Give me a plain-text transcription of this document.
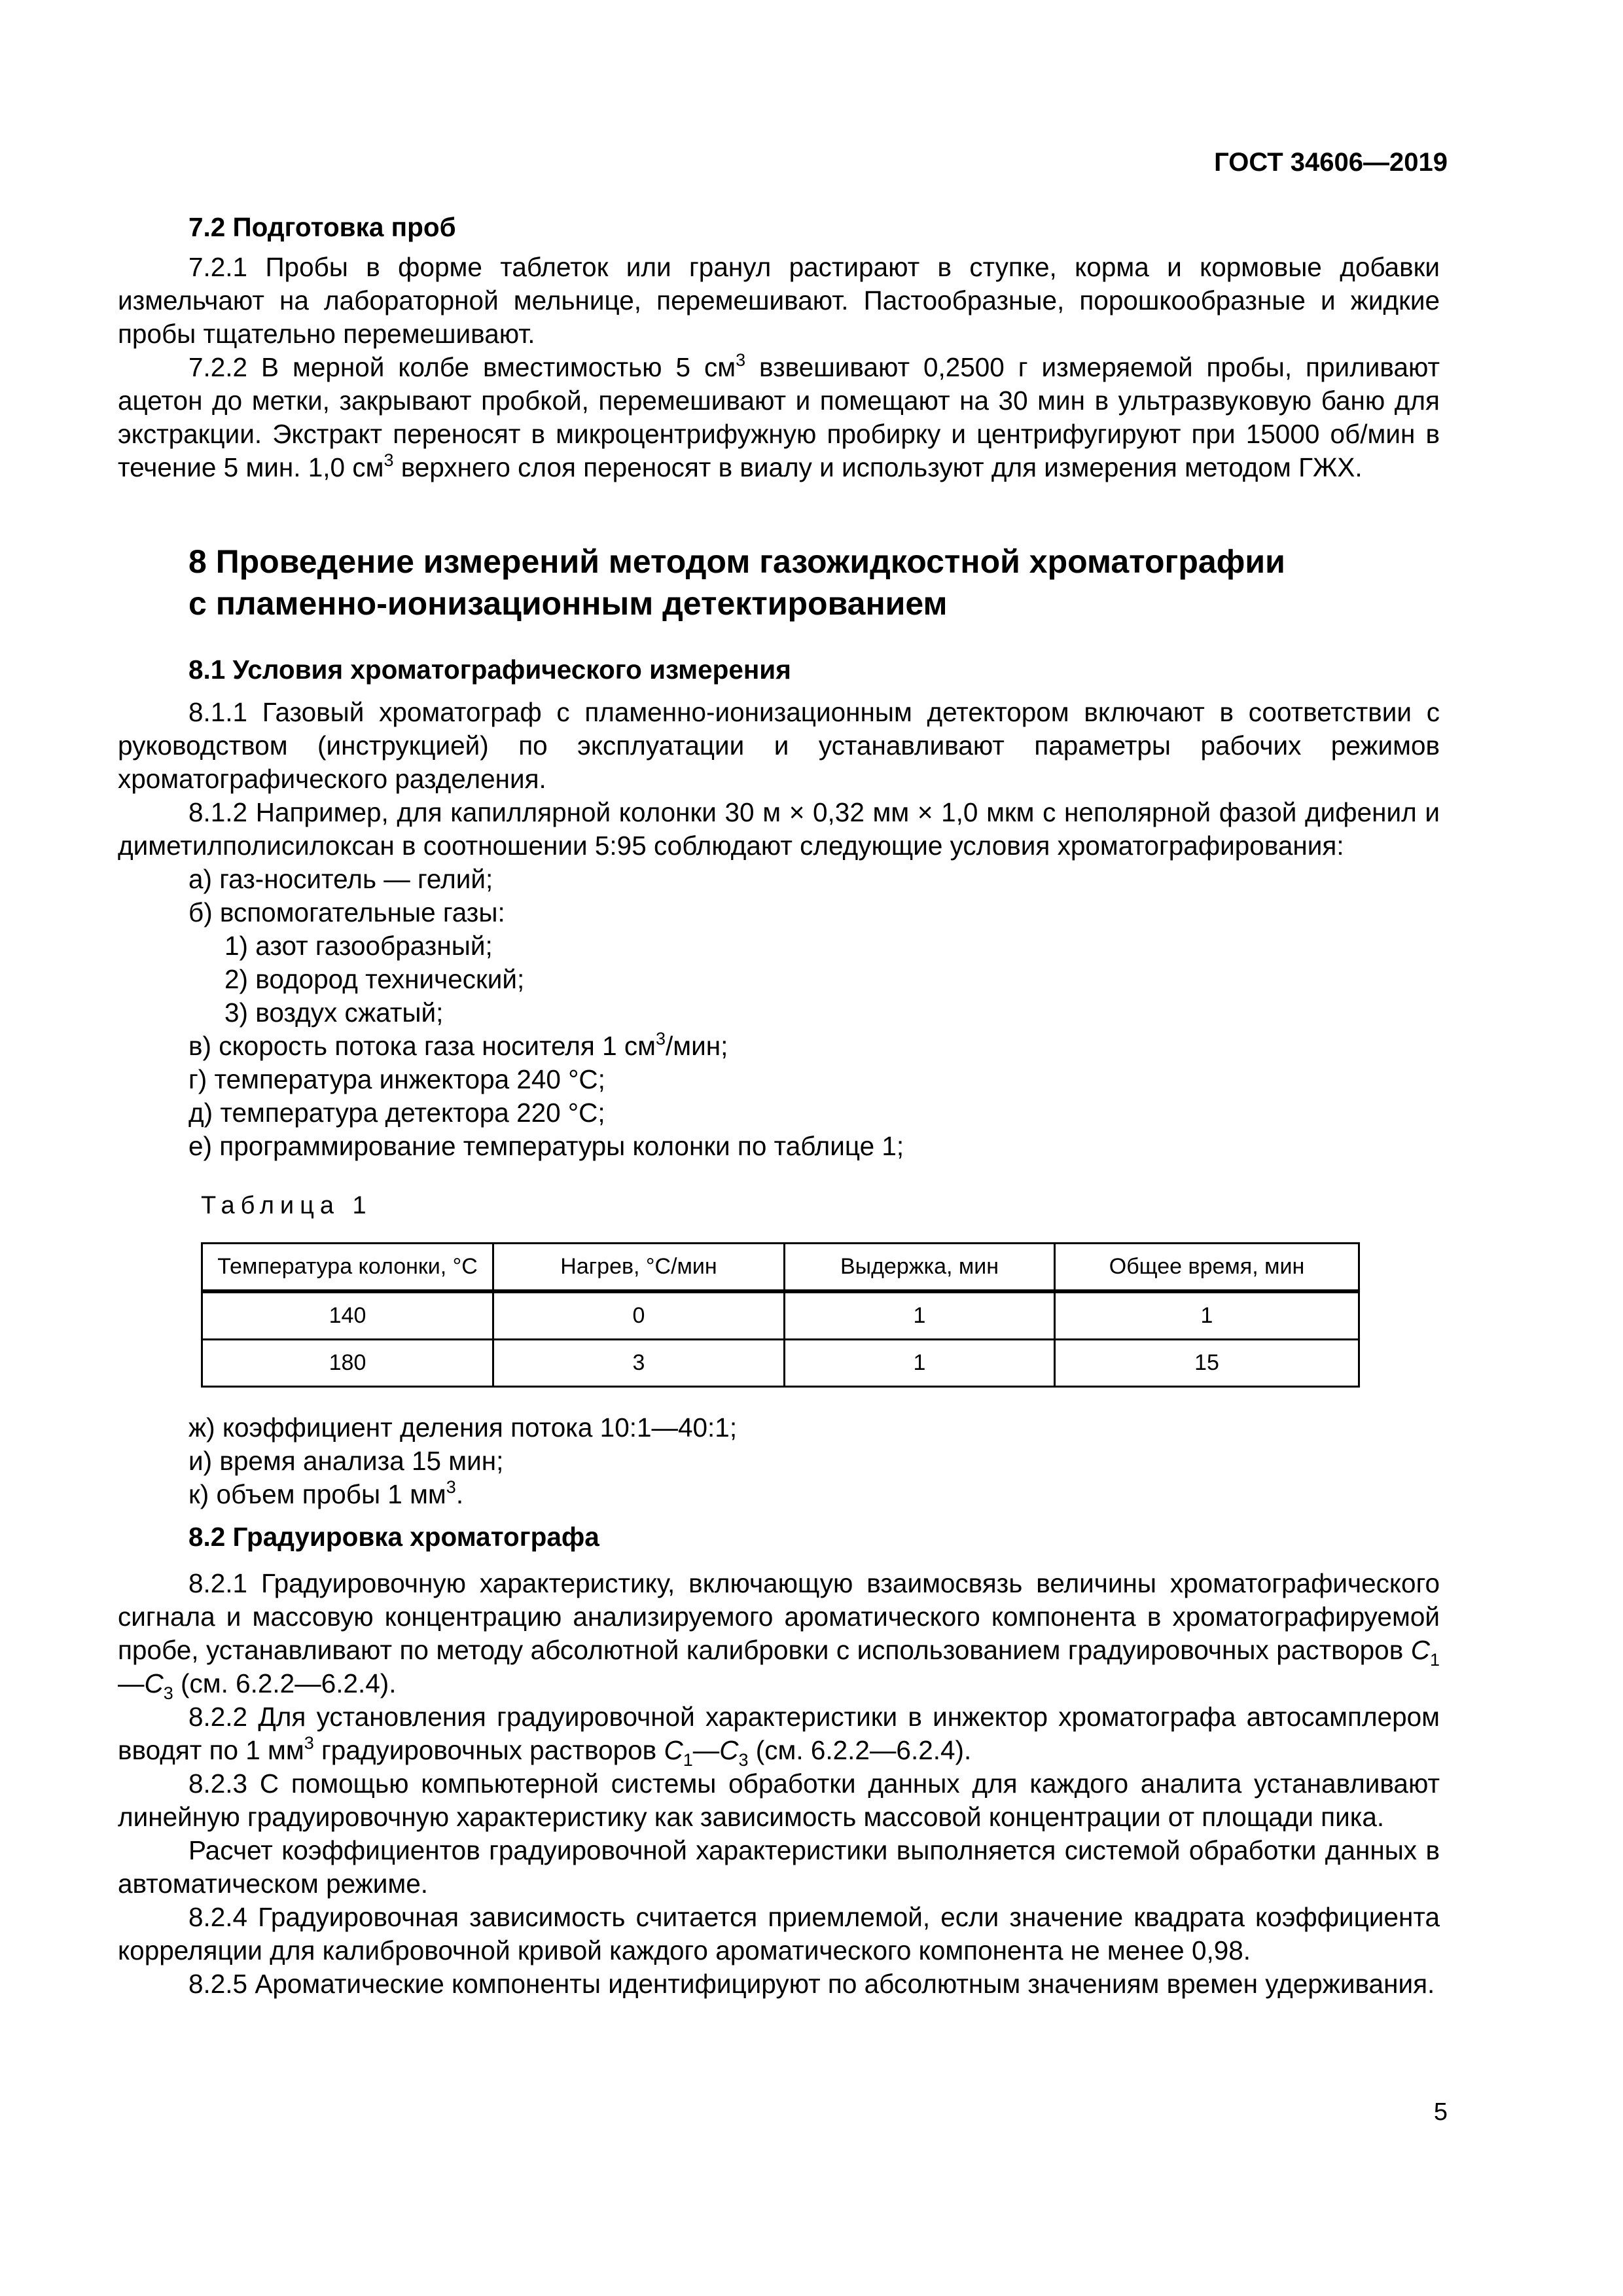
ГОСТ 34606—2019

7.2 Подготовка проб

7.2.1 Пробы в форме таблеток или гранул растирают в ступке, корма и кормовые добавки измельчают на лабораторной мельнице, перемешивают. Пастообразные, порошкообразные и жидкие пробы тщательно перемешивают.

7.2.2 В мерной колбе вместимостью 5 $см^3$ взвешивают 0,2500 г измеряемой пробы, приливают ацетон до метки, закрывают пробкой, перемешивают и помещают на 30 мин в ультразвуковую баню для экстракции. Экстракт переносят в микроцентрифужную пробирку и центрифугируют при 15000 об/мин в течение 5 мин. 1,0 $см^3$ верхнего слоя переносят в виалу и используют для измерения методом ГЖХ.

8 Проведение измерений методом газожидкостной хроматографии
с пламенно-ионизационным детектированием

8.1 Условия хроматографического измерения

8.1.1 Газовый хроматограф с пламенно-ионизационным детектором включают в соответствии с руководством (инструкцией) по эксплуатации и устанавливают параметры рабочих режимов хроматографического разделения.

8.1.2 Например, для капиллярной колонки 30 м × 0,32 мм × 1,0 мкм с неполярной фазой дифенил и диметилполисилоксан в соотношении 5:95 соблюдают следующие условия хроматографирования:

а) газ-носитель — гелий;

б) вспомогательные газы:

1) азот газообразный;

2) водород технический;

3) воздух сжатый;

в) скорость потока газа носителя 1 $см^3$/мин;

г) температура инжектора 240 °С;

д) температура детектора 220 °С;

е) программирование температуры колонки по таблице 1;

Таблица 1

Температура колонки, °С	Нагрев, °С/мин	Выдержка, мин	Общее время, мин
140	0	1	1
180	3	1	15

ж) коэффициент деления потока 10:1—40:1;

и) время анализа 15 мин;

к) объем пробы 1 $мм^3$.

8.2 Градуировка хроматографа

8.2.1 Градуировочную характеристику, включающую взаимосвязь величины хроматографического сигнала и массовую концентрацию анализируемого ароматического компонента в хроматографируемой пробе, устанавливают по методу абсолютной калибровки с использованием градуировочных растворов $C_1—C_3$ (см. 6.2.2—6.2.4).

8.2.2 Для установления градуировочной характеристики в инжектор хроматографа автосамплером вводят по 1 $мм^3$ градуировочных растворов $C_1—C_3$ (см. 6.2.2—6.2.4).

8.2.3 С помощью компьютерной системы обработки данных для каждого аналита устанавливают линейную градуировочную характеристику как зависимость массовой концентрации от площади пика.

Расчет коэффициентов градуировочной характеристики выполняется системой обработки данных в автоматическом режиме.

8.2.4 Градуировочная зависимость считается приемлемой, если значение квадрата коэффициента корреляции для калибровочной кривой каждого ароматического компонента не менее 0,98.

8.2.5 Ароматические компоненты идентифицируют по абсолютным значениям времен удерживания.

5
